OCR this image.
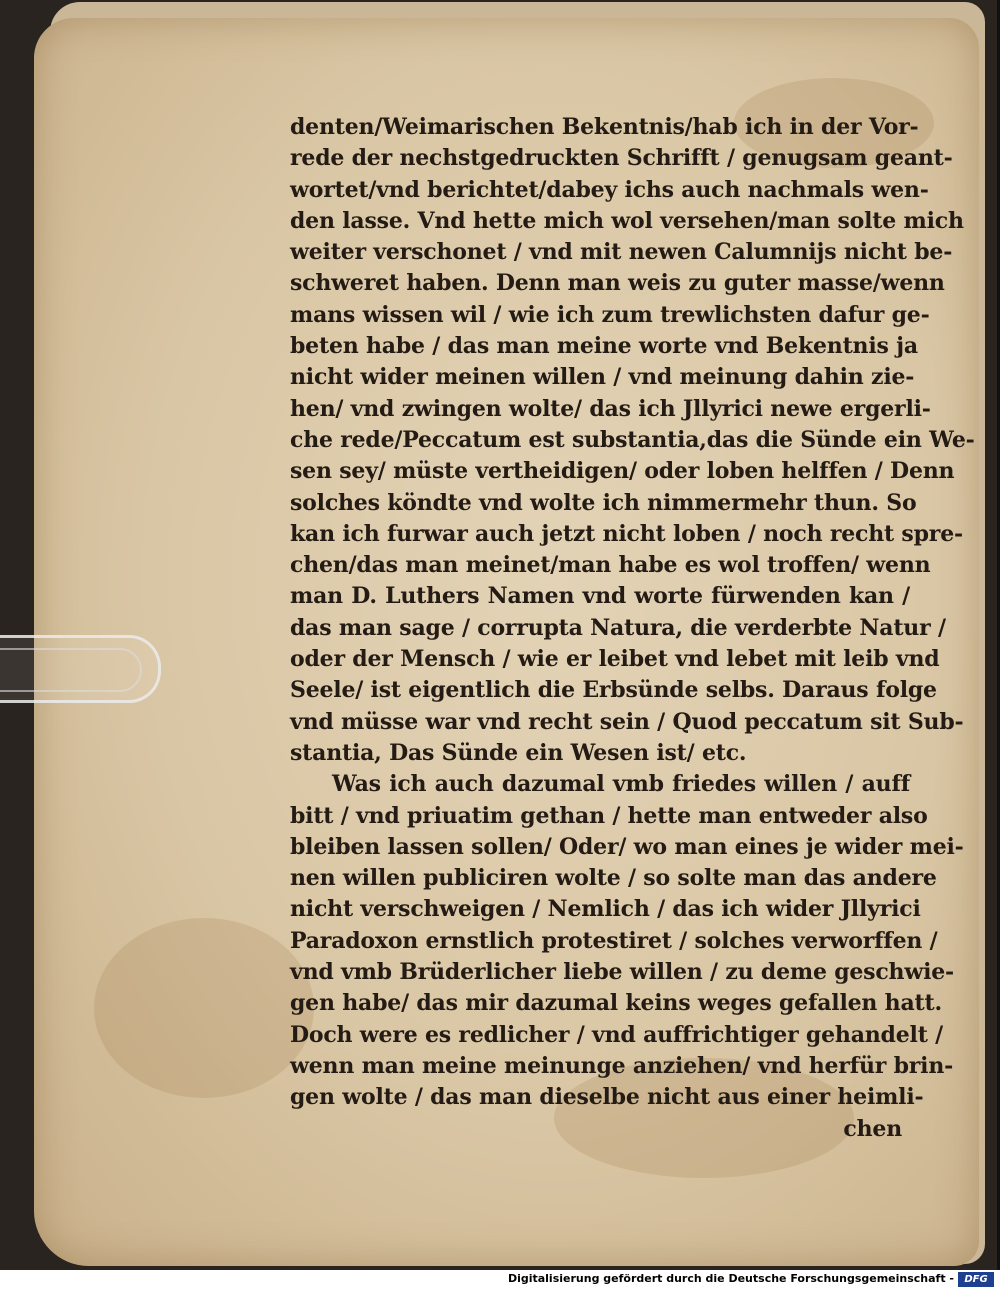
denten/Weimarischen Bekentnis/hab ich in der Vor-
rede der nechstgedruckten Schrifft / genugsam geant-
wortet/vnd berichtet/dabey ichs auch nachmals wen-
den lasse. Vnd hette mich wol versehen/man solte mich
weiter verschonet / vnd mit newen Calumnijs nicht be-
schweret haben. Denn man weis zu guter masse/wenn
mans wissen wil / wie ich zum trewlichsten dafur ge-
beten habe / das man meine worte vnd Bekentnis ja
nicht wider meinen willen / vnd meinung dahin zie-
hen/ vnd zwingen wolte/ das ich Jllyrici newe ergerli-
che rede/Peccatum est substantia,das die Sünde ein We-
sen sey/ müste vertheidigen/ oder loben helffen / Denn
solches köndte vnd wolte ich nimmermehr thun. So
kan ich furwar auch jetzt nicht loben / noch recht spre-
chen/das man meinet/man habe es wol troffen/ wenn
man D. Luthers Namen vnd worte fürwenden kan /
das man sage / corrupta Natura, die verderbte Natur /
oder der Mensch / wie er leibet vnd lebet mit leib vnd
Seele/ ist eigentlich die Erbsünde selbs. Daraus folge
vnd müsse war vnd recht sein / Quod peccatum sit Sub-
stantia, Das Sünde ein Wesen ist/ etc.
Was ich auch dazumal vmb friedes willen / auff
bitt / vnd priuatim gethan / hette man entweder also
bleiben lassen sollen/ Oder/ wo man eines je wider mei-
nen willen publiciren wolte / so solte man das andere
nicht verschweigen / Nemlich / das ich wider Jllyrici
Paradoxon ernstlich protestiret / solches verworffen /
vnd vmb Brüderlicher liebe willen / zu deme geschwie-
gen habe/ das mir dazumal keins weges gefallen hatt.
Doch were es redlicher / vnd auffrichtiger gehandelt /
wenn man meine meinunge anziehen/ vnd herfür brin-
gen wolte / das man dieselbe nicht aus einer heimli-
chen
Digitalisierung gefördert durch die Deutsche Forschungsgemeinschaft -	DFG
